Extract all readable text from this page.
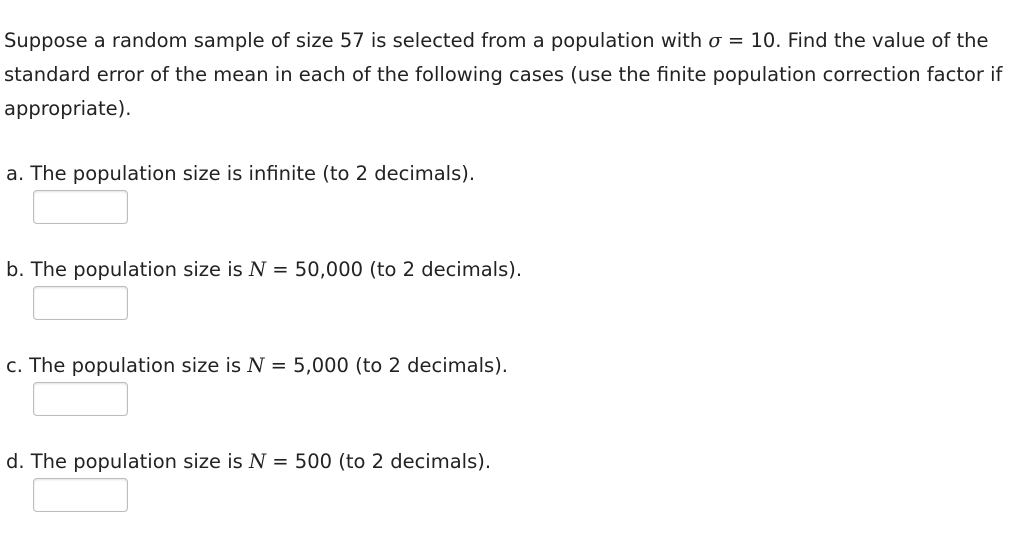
Suppose a random sample of size 57 is selected from a population with σ = 10. Find the value of the standard error of the mean in each of the following cases (use the finite population correction factor if appropriate).

a. The population size is infinite (to 2 decimals).
b. The population size is N = 50,000 (to 2 decimals).
c. The population size is N = 5,000 (to 2 decimals).
d. The population size is N = 500 (to 2 decimals).
